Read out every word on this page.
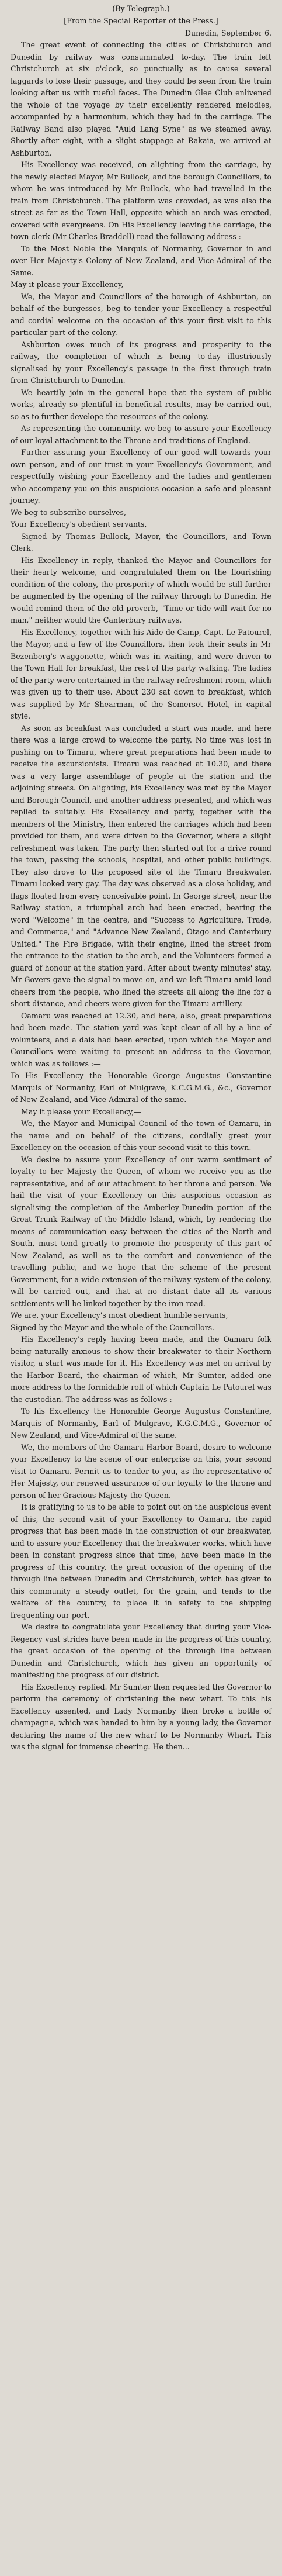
(By Telegraph.)

[From the Special Reporter of the Press.]

Dunedin, September 6.

The great event of connecting the cities of Christchurch and Dunedin by railway was consummated to-day. The train left Christchurch at six o'clock, so punctually as to cause several laggards to lose their passage, and they could be seen from the train looking after us with rueful faces. The Dunedin Glee Club enlivened the whole of the voyage by their excellently rendered melodies, accompanied by a harmonium, which they had in the carriage. The Railway Band also played "Auld Lang Syne" as we steamed away. Shortly after eight, with a slight stoppage at Rakaia, we arrived at Ashburton.

His Excellency was received, on alighting from the carriage, by the newly elected Mayor, Mr Bullock, and the borough Councillors, to whom he was introduced by Mr Bullock, who had travelled in the train from Christchurch. The platform was crowded, as was also the street as far as the Town Hall, opposite which an arch was erected, covered with evergreens. On His Excellency leaving the carriage, the town clerk (Mr Charles Braddell) read the following address :—

To the Most Noble the Marquis of Normanby, Governor in and over Her Majesty's Colony of New Zealand, and Vice-Admiral of the Same.

May it please your Excellency,—

We, the Mayor and Councillors of the borough of Ashburton, on behalf of the burgesses, beg to tender your Excellency a respectful and cordial welcome on the occasion of this your first visit to this particular part of the colony.

Ashburton owes much of its progress and prosperity to the railway, the completion of which is being to-day illustriously signalised by your Excellency's passage in the first through train from Christchurch to Dunedin.

We heartily join in the general hope that the system of public works, already so plentiful in beneficial results, may be carried out, so as to further develope the resources of the colony.

As representing the community, we beg to assure your Excellency of our loyal attachment to the Throne and traditions of England.

Further assuring your Excellency of our good will towards your own person, and of our trust in your Excellency's Government, and respectfully wishing your Excellency and the ladies and gentlemen who accompany you on this auspicious occasion a safe and pleasant journey.

We beg to subscribe ourselves,

Your Excellency's obedient servants,

Signed by Thomas Bullock, Mayor, the Councillors, and Town Clerk.

His Excellency in reply, thanked the Mayor and Councillors for their hearty welcome, and congratulated them on the flourishing condition of the colony, the prosperity of which would be still further be augmented by the opening of the railway through to Dunedin. He would remind them of the old proverb, "Time or tide will wait for no man," neither would the Canterbury railways.

His Excellency, together with his Aide-de-Camp, Capt. Le Patourel, the Mayor, and a few of the Councillors, then took their seats in Mr Bezenberg's waggonette, which was in waiting, and were driven to the Town Hall for breakfast, the rest of the party walking. The ladies of the party were entertained in the railway refreshment room, which was given up to their use. About 230 sat down to breakfast, which was supplied by Mr Shearman, of the Somerset Hotel, in capital style.

As soon as breakfast was concluded a start was made, and here there was a large crowd to welcome the party. No time was lost in pushing on to Timaru, where great preparations had been made to receive the excursionists. Timaru was reached at 10.30, and there was a very large assemblage of people at the station and the adjoining streets. On alighting, his Excellency was met by the Mayor and Borough Council, and another address presented, and which was replied to suitably. His Excellency and party, together with the members of the Ministry, then entered the carriages which had been provided for them, and were driven to the Governor, where a slight refreshment was taken. The party then started out for a drive round the town, passing the schools, hospital, and other public buildings. They also drove to the proposed site of the Timaru Breakwater. Timaru looked very gay. The day was observed as a close holiday, and flags floated from every conceivable point. In George street, near the Railway station, a triumphal arch had been erected, bearing the word "Welcome" in the centre, and "Success to Agriculture, Trade, and Commerce," and "Advance New Zealand, Otago and Canterbury United." The Fire Brigade, with their engine, lined the street from the entrance to the station to the arch, and the Volunteers formed a guard of honour at the station yard. After about twenty minutes' stay, Mr Govers gave the signal to move on, and we left Timaru amid loud cheers from the people, who lined the streets all along the line for a short distance, and cheers were given for the Timaru artillery.

Oamaru was reached at 12.30, and here, also, great preparations had been made. The station yard was kept clear of all by a line of volunteers, and a dais had been erected, upon which the Mayor and Councillors were waiting to present an address to the Governor, which was as follows :—

To His Excellency the Honorable George Augustus Constantine Marquis of Normanby, Earl of Mulgrave, K.C.G.M.G., &c., Governor of New Zealand, and Vice-Admiral of the same.

May it please your Excellency,—

We, the Mayor and Municipal Council of the town of Oamaru, in the name and on behalf of the citizens, cordially greet your Excellency on the occasion of this your second visit to this town.

We desire to assure your Excellency of our warm sentiment of loyalty to her Majesty the Queen, of whom we receive you as the representative, and of our attachment to her throne and person. We hail the visit of your Excellency on this auspicious occasion as signalising the completion of the Amberley-Dunedin portion of the Great Trunk Railway of the Middle Island, which, by rendering the means of communication easy between the cities of the North and South, must tend greatly to promote the prosperity of this part of New Zealand, as well as to the comfort and convenience of the travelling public, and we hope that the scheme of the present Government, for a wide extension of the railway system of the colony, will be carried out, and that at no distant date all its various settlements will be linked together by the iron road.

We are, your Excellency's most obedient humble servants,

Signed by the Mayor and the whole of the Councillors.

His Excellency's reply having been made, and the Oamaru folk being naturally anxious to show their breakwater to their Northern visitor, a start was made for it. His Excellency was met on arrival by the Harbor Board, the chairman of which, Mr Sumter, added one more address to the formidable roll of which Captain Le Patourel was the custodian. The address was as follows :—

To his Excellency the Honorable George Augustus Constantine, Marquis of Normanby, Earl of Mulgrave, K.G.C.M.G., Governor of New Zealand, and Vice-Admiral of the same.

We, the members of the Oamaru Harbor Board, desire to welcome your Excellency to the scene of our enterprise on this, your second visit to Oamaru. Permit us to tender to you, as the representative of Her Majesty, our renewed assurance of our loyalty to the throne and person of her Gracious Majesty the Queen.

It is gratifying to us to be able to point out on the auspicious event of this, the second visit of your Excellency to Oamaru, the rapid progress that has been made in the construction of our breakwater, and to assure your Excellency that the breakwater works, which have been in constant progress since that time, have been made in the progress of this country, the great occasion of the opening of the through line between Dunedin and Christchurch, which has given to this community a steady outlet, for the grain, and tends to the welfare of the country, to place it in safety to the shipping frequenting our port.

We desire to congratulate your Excellency that during your Vice-Regency vast strides have been made in the progress of this country, the great occasion of the opening of the through line between Dunedin and Christchurch, which has given an opportunity of manifesting the progress of our district.

His Excellency replied. Mr Sumter then requested the Governor to perform the ceremony of christening the new wharf. To this his Excellency assented, and Lady Normanby then broke a bottle of champagne, which was handed to him by a young lady, the Governor declaring the name of the new wharf to be Normanby Wharf. This was the signal for immense cheering. He then...
